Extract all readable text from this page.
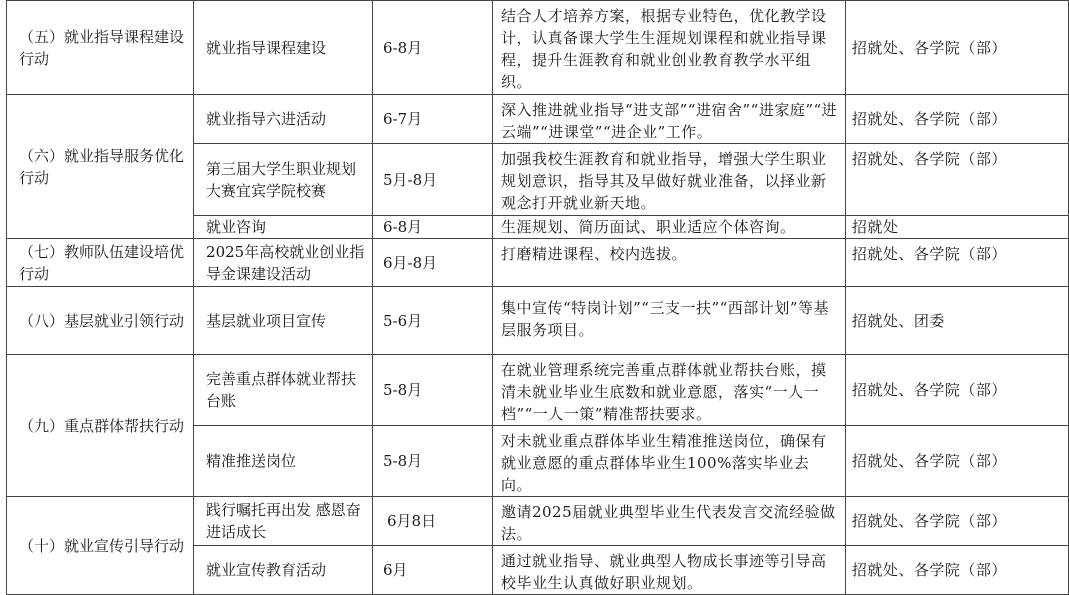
（五）就业指导课程建设行动	就业指导课程建设	6-8月	结合人才培养方案，根据专业特色，优化教学设计，认真备课大学生生涯规划课程和就业指导课程，提升生涯教育和就业创业教育教学水平组织。	招就处、各学院（部）
（六）就业指导服务优化行动	就业指导六进活动	6-7月	深入推进就业指导“进支部”“进宿舍”“进家庭”“进云端”“进课堂”“进企业”工作。	招就处、各学院（部）
	第三届大学生职业规划大赛宜宾学院校赛	5月-8月	加强我校生涯教育和就业指导，增强大学生职业规划意识，指导其及早做好就业准备，以择业新观念打开就业新天地。	招就处、各学院（部）
	就业咨询	6-8月	生涯规划、简历面试、职业适应个体咨询。	招就处
（七）教师队伍建设培优行动	2025年高校就业创业指导金课建设活动	6月-8月	打磨精进课程、校内选拔。	招就处、各学院（部）
（八）基层就业引领行动	基层就业项目宣传	5-6月	集中宣传“特岗计划”“三支一扶”“西部计划”等基层服务项目。	招就处、团委
（九）重点群体帮扶行动	完善重点群体就业帮扶台账	5-8月	在就业管理系统完善重点群体就业帮扶台账，摸清未就业毕业生底数和就业意愿，落实“一人一档”“一人一策”精准帮扶要求。	招就处、各学院（部）
	精准推送岗位	5-8月	对未就业重点群体毕业生精准推送岗位，确保有就业意愿的重点群体毕业生100%落实毕业去向。	招就处、各学院（部）
（十）就业宣传引导行动	践行嘱托再出发 感恩奋进话成长	6月8日	邀请2025届就业典型毕业生代表发言交流经验做法。	招就处、各学院（部）
	就业宣传教育活动	6月	通过就业指导、就业典型人物成长事迹等引导高校毕业生认真做好职业规划。	招就处、各学院（部）
